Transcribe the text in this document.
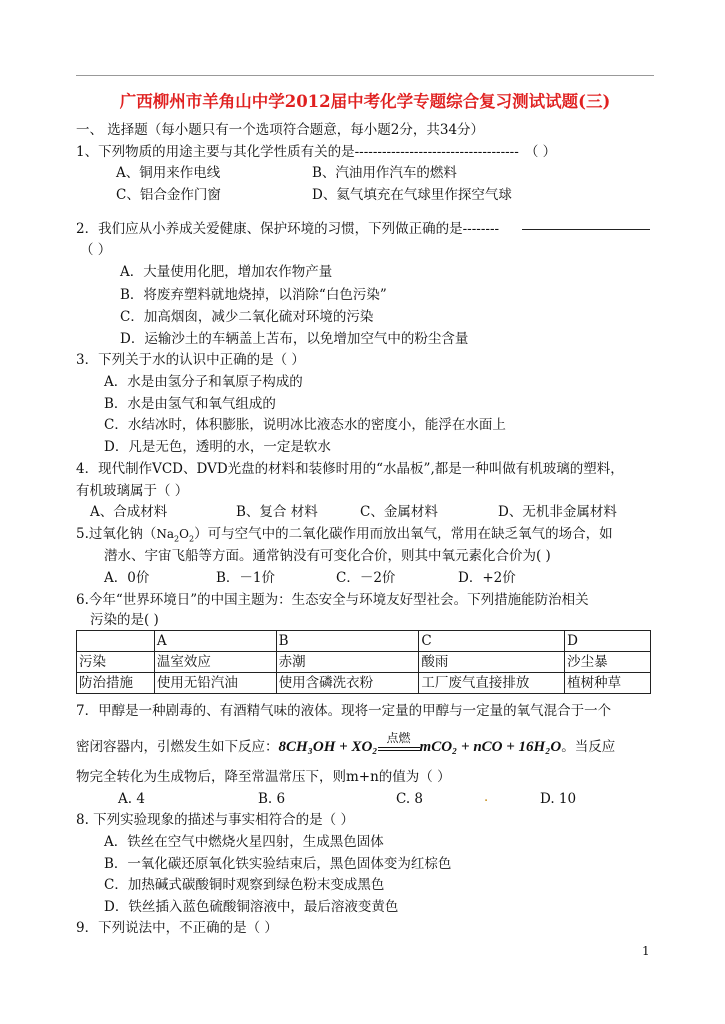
广西柳州市羊角山中学2012届中考化学专题综合复习测试试题(三)
一、 选择题（每小题只有一个选项符合题意，每小题2分，共34分）
1、下列物质的用途主要与其化学性质有关的是------------------------------------ （ ）
A、铜用来作电线	B、汽油用作汽车的燃料
C、铝合金作门窗	D、氦气填充在气球里作探空气球
2．我们应从小养成关爱健康、保护环境的习惯，下列做正确的是--------
（ ）
A．大量使用化肥，增加农作物产量
B．将废弃塑料就地烧掉，以消除“白色污染”
C．加高烟囱，减少二氧化硫对环境的污染
D．运输沙土的车辆盖上苫布，以免增加空气中的粉尘含量
3．下列关于水的认识中正确的是（ ）
A．水是由氢分子和氧原子构成的
B．水是由氢气和氧气组成的
C．水结冰时，体积膨胀，说明冰比液态水的密度小，能浮在水面上
D．凡是无色，透明的水，一定是软水
4．现代制作VCD、DVD光盘的材料和装修时用的“水晶板”,都是一种叫做有机玻璃的塑料，
有机玻璃属于（ ）
A、合成材料	B、复合 材料	C、金属材料	D、无机非金属材料
5.过氧化钠$(Na_2O_2)$可与空气中的二氧化碳作用而放出氧气，常用在缺乏氧气的场合，如
潜水、宇宙飞船等方面。通常钠没有可变化合价，则其中氧元素化合价为( )
A．0价	B．－1价	C．－2价	D．+2价
6.今年“世界环境日”的中国主题为：生态安全与环境友好型社会。下列措施能防治相关
污染的是( )
	A	B	C	D
污染	温室效应	赤潮	酸雨	沙尘暴
防治措施	使用无铅汽油	使用含磷洗衣粉	工厂废气直接排放	植树种草
7．甲醇是一种剧毒的、有酒精气味的液体。现将一定量的甲醇与一定量的氧气混合于一个
密闭容器内，引燃发生如下反应：8CH₃OH + XO₂
点燃
mCO₂ + nCO + 16H₂O。当反应
物完全转化为生成物后，降至常温常压下，则m+n的值为（ ）
A. 4	B. 6	C. 8	.	D. 10
8. 下列实验现象的描述与事实相符合的是（ ）
A．铁丝在空气中燃烧火星四射，生成黑色固体
B．一氧化碳还原氧化铁实验结束后，黑色固体变为红棕色
C．加热碱式碳酸铜时观察到绿色粉末变成黑色
D．铁丝插入蓝色硫酸铜溶液中，最后溶液变黄色
9．下列说法中，不正确的是（ ）
1
